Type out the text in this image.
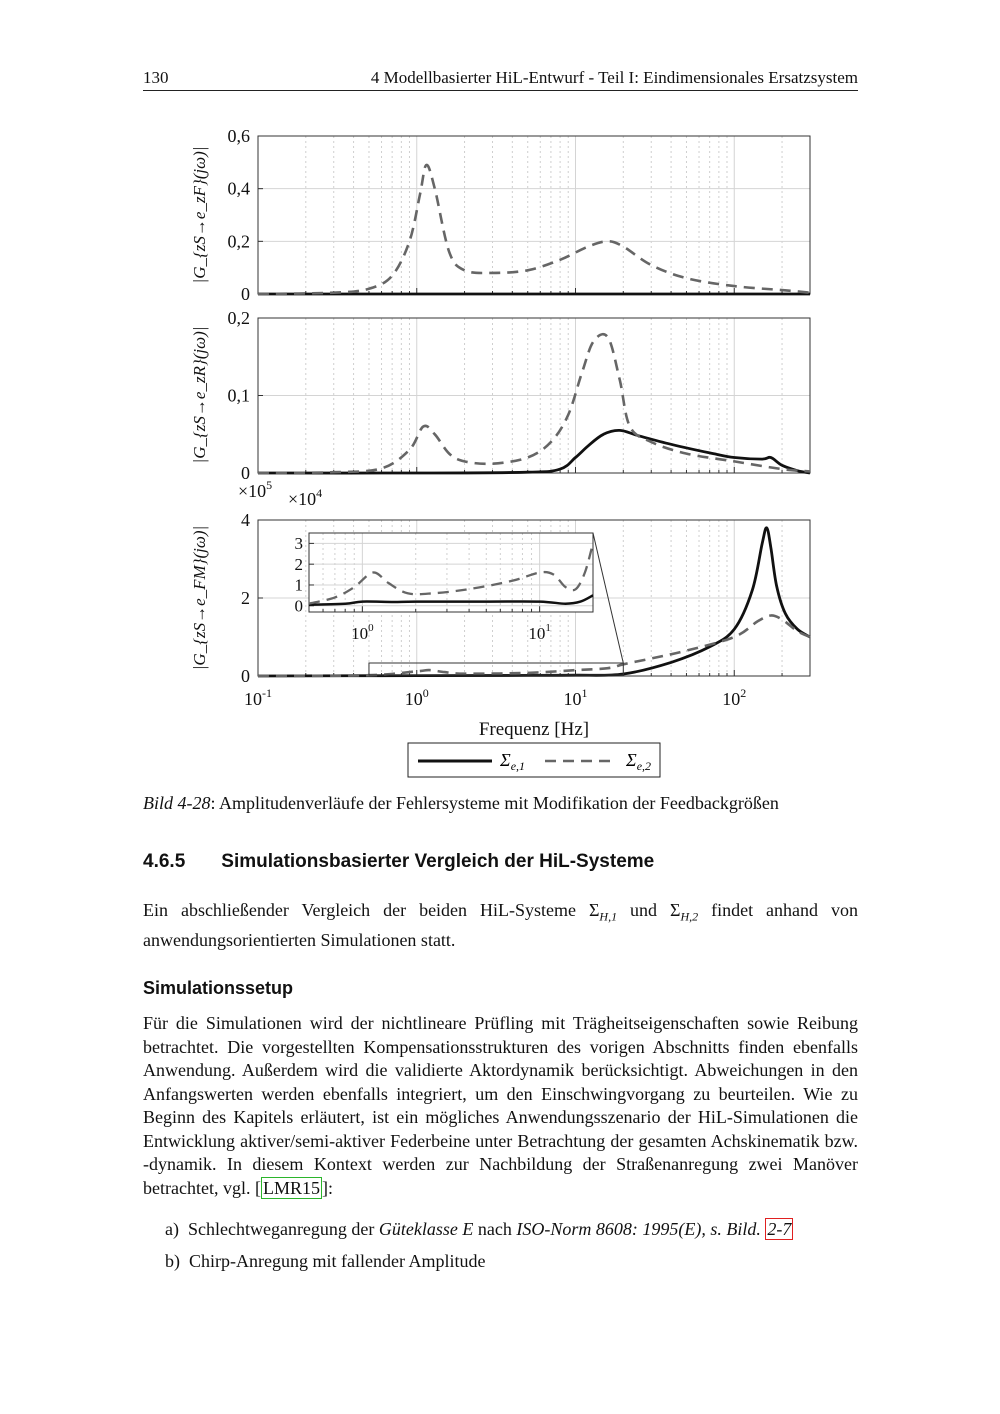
130	4 Modellbasierter HiL-Entwurf - Teil I: Eindimensionales Ersatzsystem
0
0,2
0,4
0,6
|G_{zS→e_zF}(jω)|
0
0,1
0,2
|G_{zS→e_zR}(jω)|
0
2
4
|G_{zS→e_FM}(jω)|
$\times 10^5$
$10^{-1}$	$10^0$	$10^1$	$10^2$
Frequenz [Hz]
0
1
2
3
$\times 10^4$
$10^0$	$10^1$
$\Sigma_{e,1}$	$\Sigma_{e,2}$
Bild 4-28: Amplitudenverläufe der Fehlersysteme mit Modifikation der Feedbackgrößen
4.6.5 Simulationsbasierter Vergleich der HiL-Systeme
Ein abschließender Vergleich der beiden HiL-Systeme $\Sigma_{H,1}$ und $\Sigma_{H,2}$ findet anhand von anwendungsorientierten Simulationen statt.
Simulationssetup
Für die Simulationen wird der nichtlineare Prüfling mit Trägheitseigenschaften sowie Reibung betrachtet. Die vorgestellten Kompensationsstrukturen des vorigen Abschnitts finden ebenfalls Anwendung. Außerdem wird die validierte Aktordynamik berücksichtigt. Abweichungen in den Anfangswerten werden ebenfalls integriert, um den Einschwingvorgang zu beurteilen. Wie zu Beginn des Kapitels erläutert, ist ein mögliches Anwendungsszenario der HiL-Simulationen die Entwicklung aktiver/semi-aktiver Federbeine unter Betrachtung der gesamten Achskinematik bzw. -dynamik. In diesem Kontext werden zur Nachbildung der Straßenanregung zwei Manöver betrachtet, vgl. [ LMR15 ]:
a) Schlechtweganregung der Güteklasse E nach ISO-Norm 8608: 1995(E), s. Bild. 2-7
b) Chirp-Anregung mit fallender Amplitude
